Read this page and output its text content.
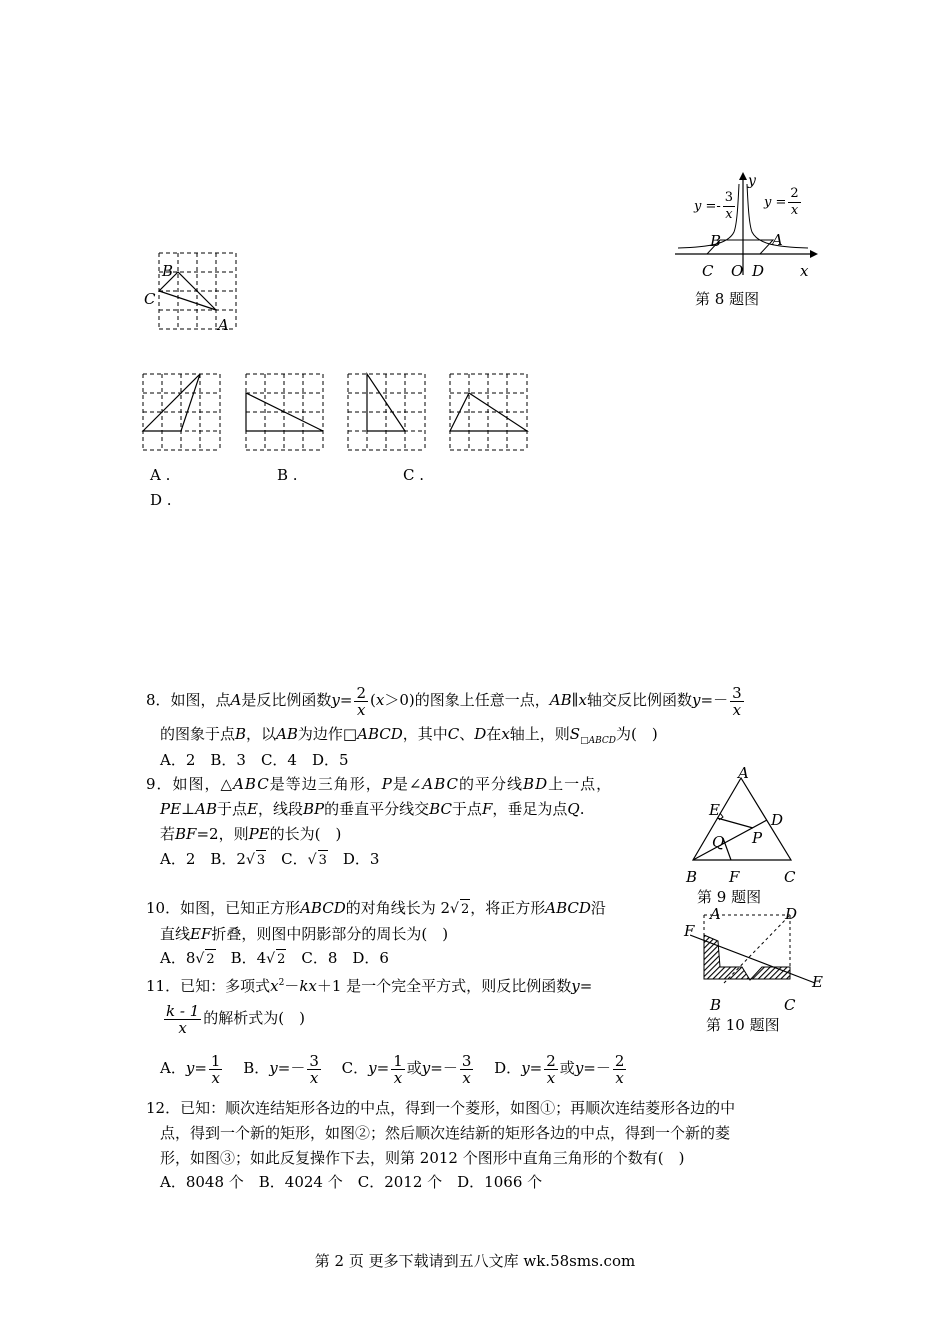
y
$y =- \frac{3}{x}$ $y = \frac{2}{x}$
B	A
C O D x
第 8 题图
B
C
A
A .	B .	C .
D .
8．如图，点A是反比例函数$y= \frac{2}{x} (x>0)$的图象上任意一点，AB∥x轴交反比例函数$y=- \frac{3}{x}$
的图象于点B，以AB为边作□ABCD，其中C、D在x轴上，则$S_{□ABCD}$为(　)
A．2　B．3　C．4　D．5
9．如图，△ABC是等边三角形，P是∠ABC的平分线BD上一点，
PE⊥AB于点E，线段BP的垂直平分线交BC于点F，垂足为点Q.
若BF=2，则PE的长为(　)
A．2　B．2√ 3　C．√ 3　D．3
A
E
D
Q P
B F	C
第 9 题图
10．如图，已知正方形ABCD的对角线长为 2√ 2，将正方形ABCD沿
直线EF折叠，则图中阴影部分的周长为(　)
A．8√ 2　B．4√ 2　C．8　D．6
A	D
F
E
B	C
第 10 题图
11．已知：多项式$x^2-kx+1$ 是一个完全平方式，则反比例函数y=
$\frac{k - 1}{x}$ 的解析式为(　)
A．$y= \frac{1}{x}$ B．$y=- \frac{3}{x}$ C．$y= \frac{1}{x}$ 或$y=- \frac{3}{x}$ D．$y= \frac{2}{x}$ 或$y=- \frac{2}{x}$
12．已知：顺次连结矩形各边的中点，得到一个菱形，如图①；再顺次连结菱形各边的中
点，得到一个新的矩形，如图②；然后顺次连结新的矩形各边的中点，得到一个新的菱
形，如图③；如此反复操作下去，则第 2012 个图形中直角三角形的个数有(　)
A．8048 个　B．4024 个　C．2012 个　D．1066 个
第 2 页 更多下载请到五八文库 wk.58sms.com
